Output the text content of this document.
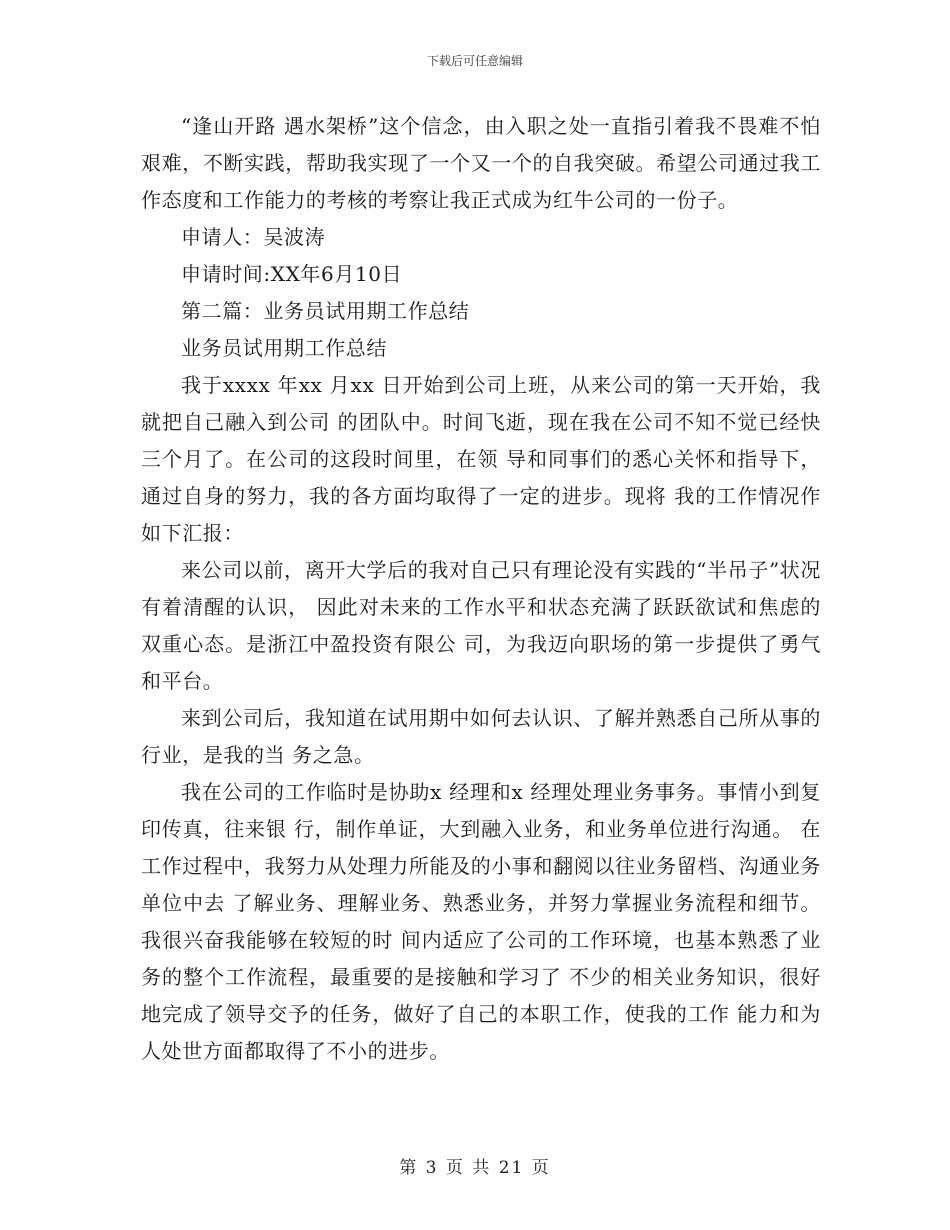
下载后可任意编辑

“逢山开路 遇水架桥”这个信念，由入职之处一直指引着我不畏难不怕艰难，不断实践，帮助我实现了一个又一个的自我突破。希望公司通过我工作态度和工作能力的考核的考察让我正式成为红牛公司的一份子。

申请人：吴波涛

申请时间:XX年6月10日

第二篇：业务员试用期工作总结

业务员试用期工作总结

我于xxxx 年xx 月xx 日开始到公司上班，从来公司的第一天开始，我就把自己融入到公司 的团队中。时间飞逝，现在我在公司不知不觉已经快三个月了。在公司的这段时间里，在领 导和同事们的悉心关怀和指导下，通过自身的努力，我的各方面均取得了一定的进步。现将 我的工作情况作如下汇报：

来公司以前，离开大学后的我对自己只有理论没有实践的“半吊子”状况有着清醒的认识， 因此对未来的工作水平和状态充满了跃跃欲试和焦虑的双重心态。是浙江中盈投资有限公 司，为我迈向职场的第一步提供了勇气和平台。

来到公司后，我知道在试用期中如何去认识、了解并熟悉自己所从事的行业，是我的当 务之急。

我在公司的工作临时是协助x 经理和x 经理处理业务事务。事情小到复印传真，往来银 行，制作单证，大到融入业务，和业务单位进行沟通。 在工作过程中，我努力从处理力所能及的小事和翻阅以往业务留档、沟通业务单位中去 了解业务、理解业务、熟悉业务，并努力掌握业务流程和细节。我很兴奋我能够在较短的时 间内适应了公司的工作环境，也基本熟悉了业务的整个工作流程，最重要的是接触和学习了 不少的相关业务知识，很好地完成了领导交予的任务，做好了自己的本职工作，使我的工作 能力和为人处世方面都取得了不小的进步。

第 3 页 共 21 页
